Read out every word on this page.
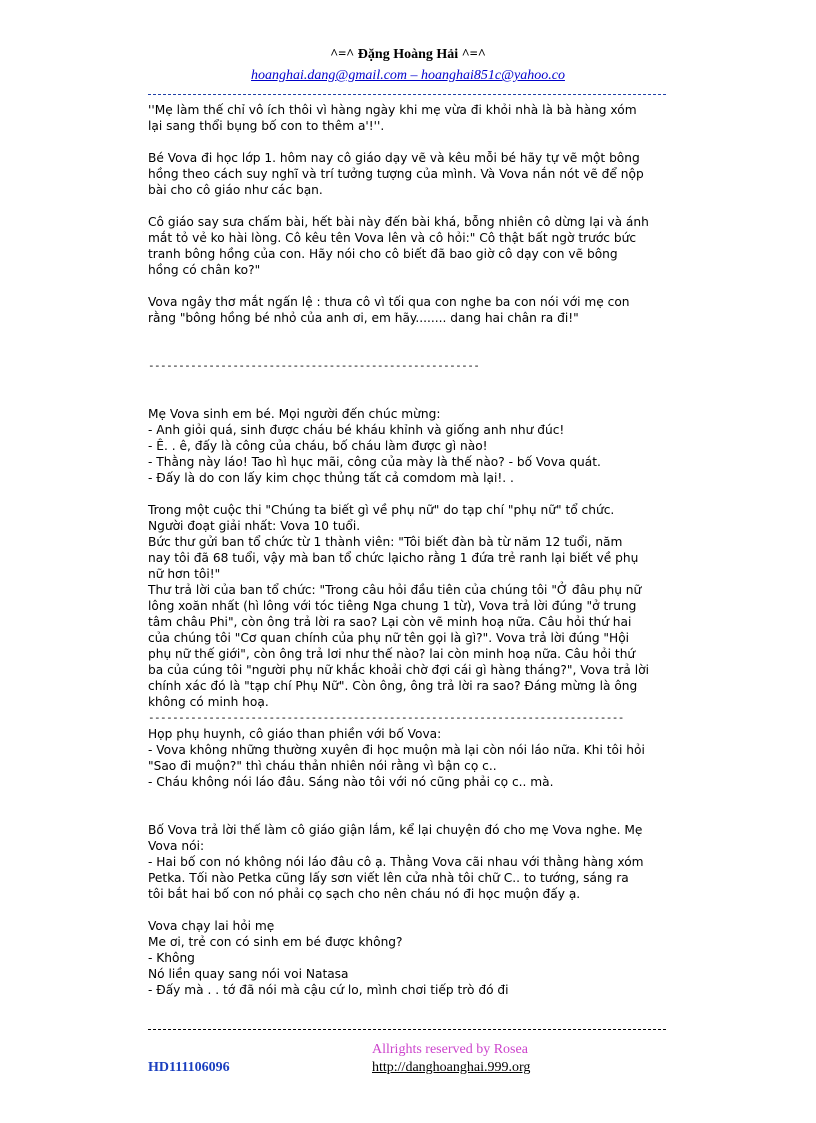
^=^ Đặng Hoàng Hải ^=^
hoanghai.dang@gmail.com – hoanghai851c@yahoo.co

''Mẹ làm thế chỉ vô ích thôi vì hàng ngày khi mẹ vừa đi khỏi nhà là bà hàng xóm
lại sang thổi bụng bố con to thêm a'!''.

Bé Vova đi học lớp 1. hôm nay cô giáo dạy vẽ và kêu mỗi bé hãy tự vẽ một bông
hồng theo cách suy nghĩ và trí tưởng tượng của mình. Và Vova nắn nót vẽ để nộp
bài cho cô giáo như các bạn.

Cô giáo say sưa chấm bài, hết bài này đến bài khá, bỗng nhiên cô dừng lại và ánh
mắt tỏ vẻ ko hài lòng. Cô kêu tên Vova lên và cô hỏi:" Cô thật bất ngờ trước bức
tranh bông hồng của con. Hãy nói cho cô biết đã bao giờ cô dạy con vẽ bông
hồng có chân ko?"

Vova ngây thơ mắt ngấn lệ : thưa cô vì tối qua con nghe ba con nói với mẹ con
rằng "bông hồng bé nhỏ của anh ơi, em hãy........ dang hai chân ra đi!"

-------------------------------------------------------

Mẹ Vova sinh em bé. Mọi người đến chúc mừng:
- Anh giỏi quá, sinh được cháu bé kháu khỉnh và giống anh như đúc!
- Ê. . ê, đấy là công của cháu, bố cháu làm được gì nào!
- Thằng này láo! Tao hì hục mãi, công của mày là thế nào? - bố Vova quát.
- Đấy là do con lấy kim chọc thủng tất cả comdom mà lại!. .

Trong một cuộc thi "Chúng ta biết gì về phụ nữ" do tạp chí "phụ nữ" tổ chức.
Người đoạt giải nhất: Vova 10 tuổi.
Bức thư gửi ban tổ chức từ 1 thành viên: "Tôi biết đàn bà từ năm 12 tuổi, năm
nay tôi đã 68 tuổi, vậy mà ban tổ chức lạicho rằng 1 đứa trẻ ranh lại biết về phụ
nữ hơn tôi!"
Thư trả lời của ban tổ chức: "Trong câu hỏi đầu tiên của chúng tôi "Ở đâu phụ nữ
lông xoăn nhất (hì lông với tóc tiêng Nga chung 1 từ), Vova trả lời đúng "ở trung
tâm châu Phi", còn ông trả lời ra sao? Lại còn vẽ minh hoạ nữa. Câu hỏi thứ hai
của chúng tôi "Cơ quan chính của phụ nữ tên gọi là gì?". Vova trả lời đúng "Hội
phụ nữ thế giới", còn ông trả lơi như thế nào? lai còn minh hoạ nữa. Câu hỏi thứ
ba của cúng tôi "người phụ nữ khắc khoải chờ đợi cái gì hàng tháng?", Vova trả lời
chính xác đó là "tạp chí Phụ Nữ". Còn ông, ông trả lời ra sao? Đáng mừng là ông
không có minh hoạ.

-------------------------------------------------------------------------------

Họp phụ huynh, cô giáo than phiền với bố Vova:
- Vova không những thường xuyên đi học muộn mà lại còn nói láo nữa. Khi tôi hỏi
"Sao đi muộn?" thì cháu thản nhiên nói rằng vì bận cọ c..
- Cháu không nói láo đâu. Sáng nào tôi với nó cũng phải cọ c.. mà.

Bố Vova trả lời thế làm cô giáo giận lắm, kể lại chuyện đó cho mẹ Vova nghe. Mẹ
Vova nói:
- Hai bố con nó không nói láo đâu cô ạ. Thằng Vova cãi nhau với thằng hàng xóm
Petka. Tối nào Petka cũng lấy sơn viết lên cửa nhà tôi chữ C.. to tướng, sáng ra
tôi bắt hai bố con nó phải cọ sạch cho nên cháu nó đi học muộn đấy ạ.

Vova chạy lai hỏi mẹ
Me ơi, trẻ con có sinh em bé được không?
- Không
Nó liền quay sang nói voi Natasa
- Đấy mà . . tớ đã nói mà cậu cứ lo, mình chơi tiếp trò đó đi

Allrights reserved by Rosea
HD111106096	http://danghoanghai.999.org
